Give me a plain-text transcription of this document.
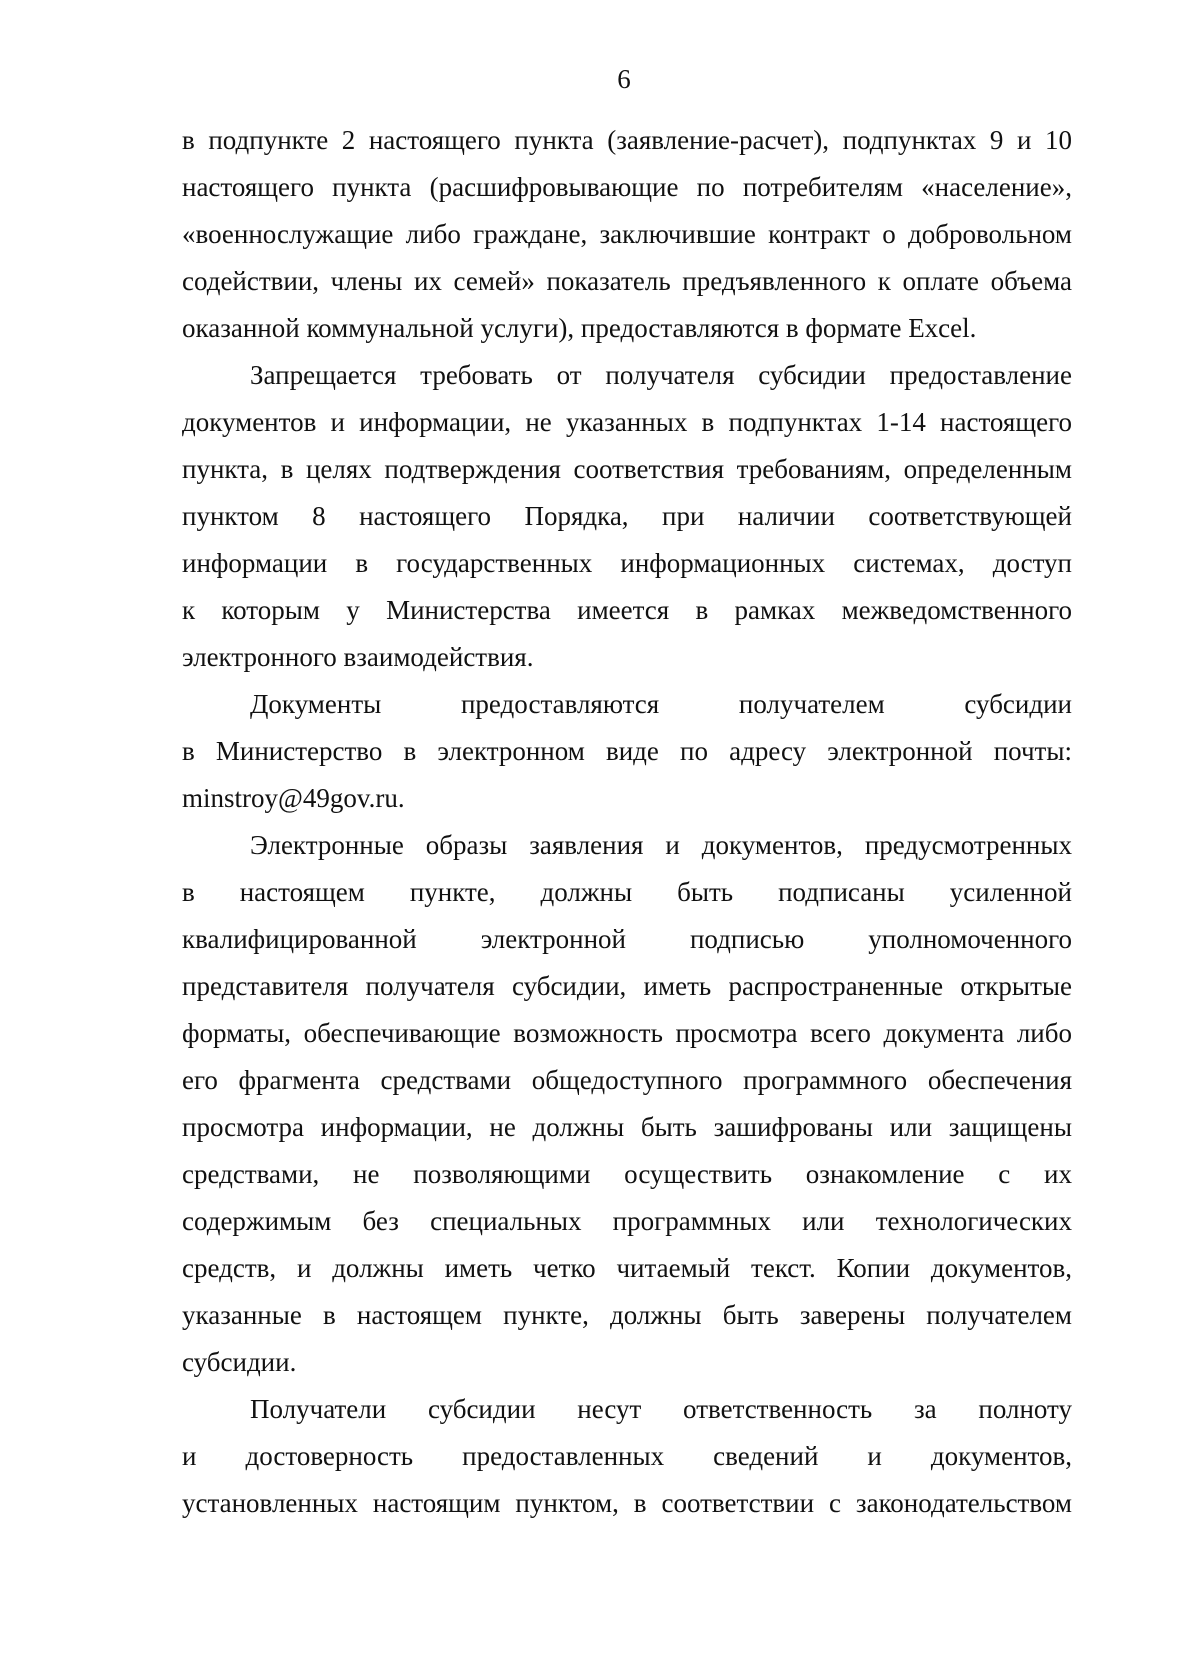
6

в подпункте 2 настоящего пункта (заявление-расчет), подпунктах 9 и 10
настоящего пункта (расшифровывающие по потребителям «население»,
«военнослужащие либо граждане, заключившие контракт о добровольном
содействии, члены их семей» показатель предъявленного к оплате объема
оказанной коммунальной услуги), предоставляются в формате Excel.

Запрещается требовать от получателя субсидии предоставление
документов и информации, не указанных в подпунктах 1-14 настоящего
пункта, в целях подтверждения соответствия требованиям, определенным
пунктом 8 настоящего Порядка, при наличии соответствующей
информации в государственных информационных системах, доступ
к которым у Министерства имеется в рамках межведомственного
электронного взаимодействия.

Документы предоставляются получателем субсидии
в Министерство в электронном виде по адресу электронной почты:
minstroy@49gov.ru.

Электронные образы заявления и документов, предусмотренных
в настоящем пункте, должны быть подписаны усиленной
квалифицированной электронной подписью уполномоченного
представителя получателя субсидии, иметь распространенные открытые
форматы, обеспечивающие возможность просмотра всего документа либо
его фрагмента средствами общедоступного программного обеспечения
просмотра информации, не должны быть зашифрованы или защищены
средствами, не позволяющими осуществить ознакомление с их
содержимым без специальных программных или технологических
средств, и должны иметь четко читаемый текст. Копии документов,
указанные в настоящем пункте, должны быть заверены получателем
субсидии.

Получатели субсидии несут ответственность за полноту
и достоверность предоставленных сведений и документов,
установленных настоящим пунктом, в соответствии с законодательством
